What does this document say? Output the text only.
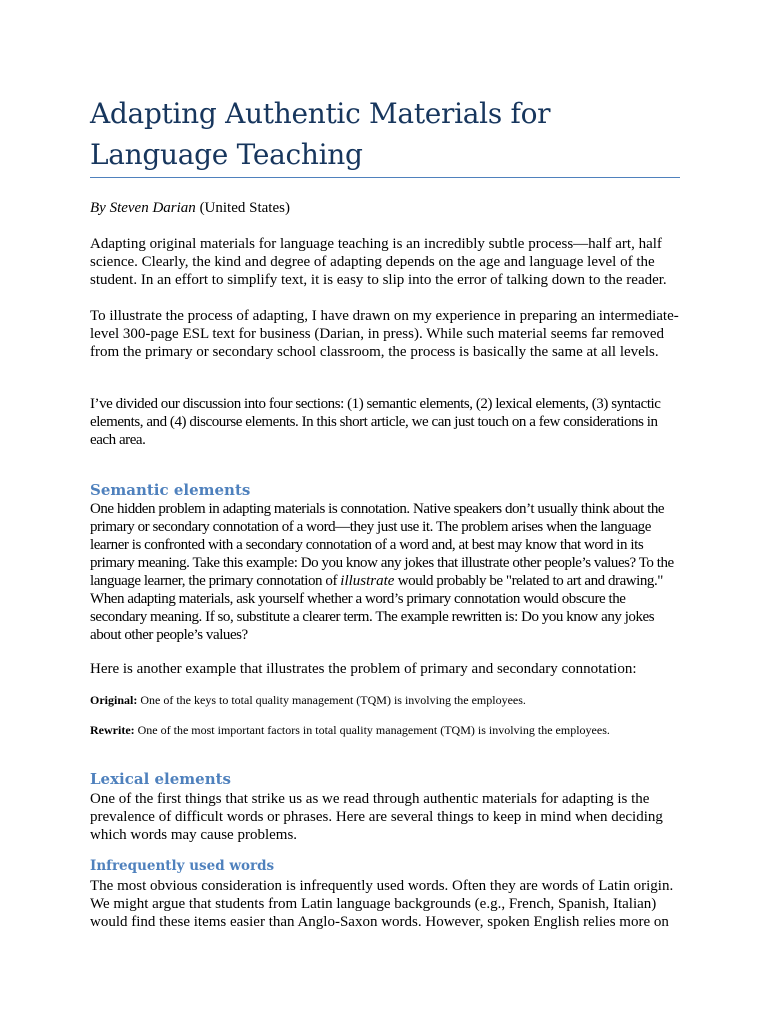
Adapting Authentic Materials for
Language Teaching
By Steven Darian (United States)

Adapting original materials for language teaching is an incredibly subtle process—half art, half science. Clearly, the kind and degree of adapting depends on the age and language level of the student. In an effort to simplify text, it is easy to slip into the error of talking down to the reader.

To illustrate the process of adapting, I have drawn on my experience in preparing an intermediate-level 300-page ESL text for business (Darian, in press). While such material seems far removed from the primary or secondary school classroom, the process is basically the same at all levels.

I’ve divided our discussion into four sections: (1) semantic elements, (2) lexical elements, (3) syntactic elements, and (4) discourse elements. In this short article, we can just touch on a few considerations in each area.

Semantic elements

One hidden problem in adapting materials is connotation. Native speakers don’t usually think about the primary or secondary connotation of a word—they just use it. The problem arises when the language learner is confronted with a secondary connotation of a word and, at best may know that word in its primary meaning. Take this example: Do you know any jokes that illustrate other people’s values? To the language learner, the primary connotation of illustrate would probably be "related to art and drawing." When adapting materials, ask yourself whether a word’s primary connotation would obscure the secondary meaning. If so, substitute a clearer term. The example rewritten is: Do you know any jokes about other people’s values?

Here is another example that illustrates the problem of primary and secondary connotation:

Original: One of the keys to total quality management (TQM) is involving the employees.

Rewrite: One of the most important factors in total quality management (TQM) is involving the employees.

Lexical elements

One of the first things that strike us as we read through authentic materials for adapting is the prevalence of difficult words or phrases. Here are several things to keep in mind when deciding which words may cause problems.

Infrequently used words

The most obvious consideration is infrequently used words. Often they are words of Latin origin. We might argue that students from Latin language backgrounds (e.g., French, Spanish, Italian) would find these items easier than Anglo-Saxon words. However, spoken English relies more on
